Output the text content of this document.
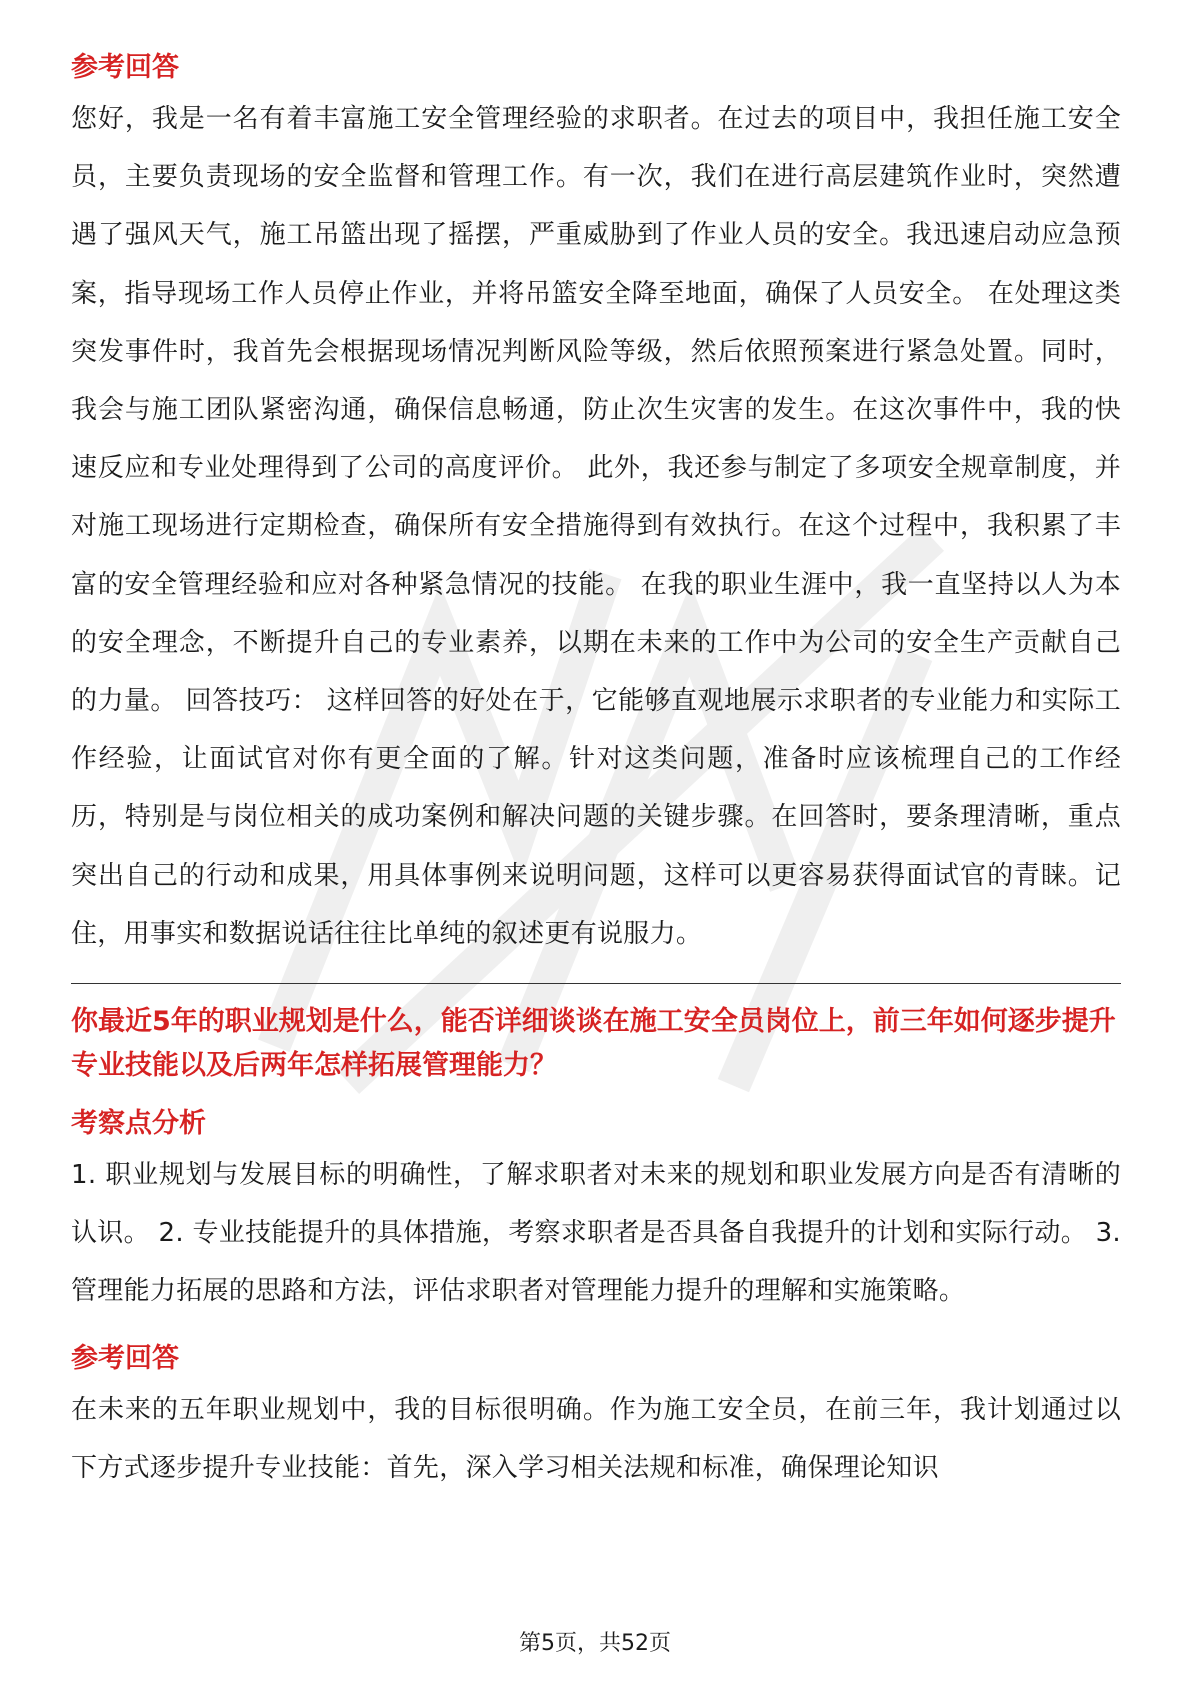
参考回答

您好，我是一名有着丰富施工安全管理经验的求职者。在过去的项目中，我担任施工安全员，主要负责现场的安全监督和管理工作。有一次，我们在进行高层建筑作业时，突然遭遇了强风天气，施工吊篮出现了摇摆，严重威胁到了作业人员的安全。我迅速启动应急预案，指导现场工作人员停止作业，并将吊篮安全降至地面，确保了人员安全。 在处理这类突发事件时，我首先会根据现场情况判断风险等级，然后依照预案进行紧急处置。同时，我会与施工团队紧密沟通，确保信息畅通，防止次生灾害的发生。在这次事件中，我的快速反应和专业处理得到了公司的高度评价。 此外，我还参与制定了多项安全规章制度，并对施工现场进行定期检查，确保所有安全措施得到有效执行。在这个过程中，我积累了丰富的安全管理经验和应对各种紧急情况的技能。 在我的职业生涯中，我一直坚持以人为本的安全理念，不断提升自己的专业素养，以期在未来的工作中为公司的安全生产贡献自己的力量。 回答技巧： 这样回答的好处在于，它能够直观地展示求职者的专业能力和实际工作经验，让面试官对你有更全面的了解。针对这类问题，准备时应该梳理自己的工作经历，特别是与岗位相关的成功案例和解决问题的关键步骤。在回答时，要条理清晰，重点突出自己的行动和成果，用具体事例来说明问题，这样可以更容易获得面试官的青睐。记住，用事实和数据说话往往比单纯的叙述更有说服力。

你最近5年的职业规划是什么，能否详细谈谈在施工安全员岗位上，前三年如何逐步提升专业技能以及后两年怎样拓展管理能力？

考察点分析

1. 职业规划与发展目标的明确性，了解求职者对未来的规划和职业发展方向是否有清晰的认识。 2. 专业技能提升的具体措施，考察求职者是否具备自我提升的计划和实际行动。 3. 管理能力拓展的思路和方法，评估求职者对管理能力提升的理解和实施策略。

参考回答

在未来的五年职业规划中，我的目标很明确。作为施工安全员，在前三年，我计划通过以下方式逐步提升专业技能：首先，深入学习相关法规和标准，确保理论知识

第5页，共52页
